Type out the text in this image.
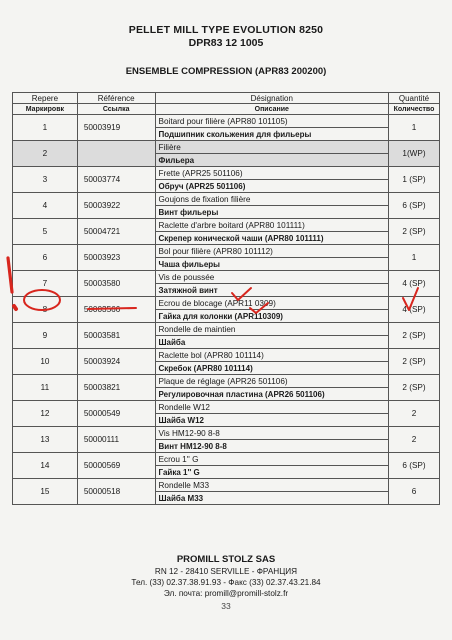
PELLET MILL TYPE EVOLUTION 8250
DPR83 12 1005
ENSEMBLE COMPRESSION (APR83 200200)
Repere	Référence	Désignation	Quantité
Маркировк	Ссылка	Описание	Количество
1	50003919	Boitard pour filière (APR80 101105)	1
		Подшипник скольжения для фильеры	
2		Filière	1(WP)
		Фильера	
3	50003774	Frette (APR25 501106)	1 (SP)
		Обруч (APR25 501106)	
4	50003922	Goujons de fixation filière	6 (SP)
		Винт фильеры	
5	50004721	Raclette d'arbre boitard (APR80 101111)	2 (SP)
		Скрепер конической чаши (APR80 101111)	
6	50003923	Bol pour filière (APR80 101112)	1
		Чаша фильеры	
7	50003580	Vis de poussée	4 (SP)
		Затяжной винт	
8	50003566	Ecrou de blocage (APR11 0309)	4 (SP)
		Гайка для колонки (APR110309)	
9	50003581	Rondelle de maintien	2 (SP)
		Шайба	
10	50003924	Raclette bol (APR80 101114)	2 (SP)
		Скребок (APR80 101114)	
11	50003821	Plaque de réglage (APR26 501106)	2 (SP)
		Регулировочная пластина (APR26 501106)	
12	50000549	Rondelle W12	2
		Шайба W12	
13	50000111	Vis HM12-90 8-8	2
		Винт HM12-90 8-8	
14	50000569	Ecrou 1'' G	6 (SP)
		Гайка 1'' G	
15	50000518	Rondelle M33	6
		Шайба M33	
PROMILL STOLZ SAS
RN 12 - 28410 SERVILLE - ФРАНЦИЯ
Тел. (33) 02.37.38.91.93 - Факс (33) 02.37.43.21.84
Эл. почта: promill@promill-stolz.fr
33
